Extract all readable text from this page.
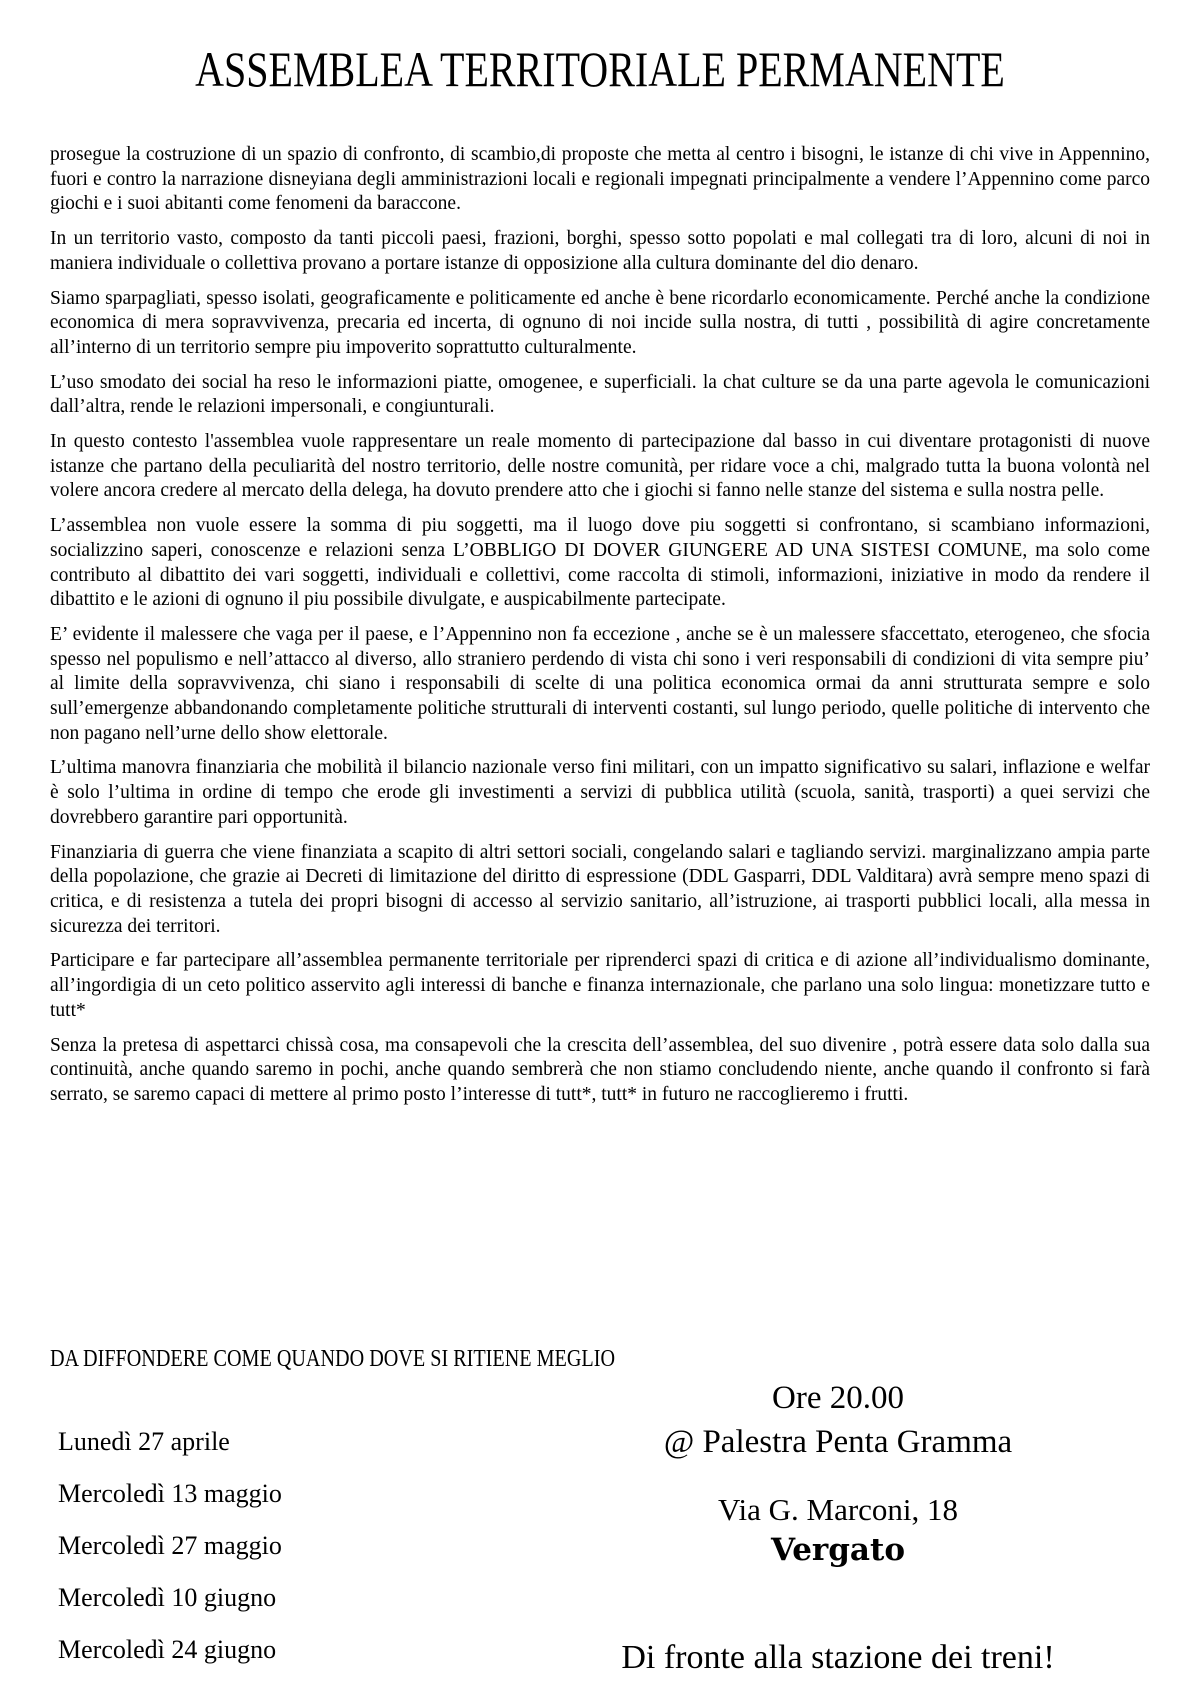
ASSEMBLEA TERRITORIALE PERMANENTE

prosegue la costruzione di un spazio di confronto, di scambio,di proposte che metta al centro i bisogni, le istanze di chi vive in Appennino, fuori e contro la narrazione disneyiana degli amministrazioni locali e regionali impegnati principalmente a vendere l’Appennino come parco giochi e i suoi abitanti come fenomeni da baraccone.

In un territorio vasto, composto da tanti piccoli paesi, frazioni, borghi, spesso sotto popolati e mal collegati tra di loro, alcuni di noi in maniera individuale o collettiva provano a portare istanze di opposizione alla cultura dominante del dio denaro.

Siamo sparpagliati, spesso isolati, geograficamente e politicamente ed anche è bene ricordarlo economicamente. Perché anche la condizione economica di mera sopravvivenza, precaria ed incerta, di ognuno di noi incide sulla nostra, di tutti , possibilità di agire concretamente all’interno di un territorio sempre piu impoverito soprattutto culturalmente.

L’uso smodato dei social ha reso le informazioni piatte, omogenee, e superficiali. la chat culture se da una parte agevola le comunicazioni dall’altra, rende le relazioni impersonali, e congiunturali.

In questo contesto l'assemblea vuole rappresentare un reale momento di partecipazione dal basso in cui diventare protagonisti di nuove istanze che partano della peculiarità del nostro territorio, delle nostre comunità, per ridare voce a chi, malgrado tutta la buona volontà nel volere ancora credere al mercato della delega, ha dovuto prendere atto che i giochi si fanno nelle stanze del sistema e sulla nostra pelle.

L’assemblea non vuole essere la somma di piu soggetti, ma il luogo dove piu soggetti si confrontano, si scambiano informazioni, socializzino saperi, conoscenze e relazioni senza L’OBBLIGO DI DOVER GIUNGERE AD UNA SISTESI COMUNE, ma solo come contributo al dibattito dei vari soggetti, individuali e collettivi, come raccolta di stimoli, informazioni, iniziative in modo da rendere il dibattito e le azioni di ognuno il piu possibile divulgate, e auspicabilmente partecipate.

E’ evidente il malessere che vaga per il paese, e l’Appennino non fa eccezione , anche se è un malessere sfaccettato, eterogeneo, che sfocia spesso nel populismo e nell’attacco al diverso, allo straniero perdendo di vista chi sono i veri responsabili di condizioni di vita sempre piu’ al limite della sopravvivenza, chi siano i responsabili di scelte di una politica economica ormai da anni strutturata sempre e solo sull’emergenze abbandonando completamente politiche strutturali di interventi costanti, sul lungo periodo, quelle politiche di intervento che non pagano nell’urne dello show elettorale.

L’ultima manovra finanziaria che mobilità il bilancio nazionale verso fini militari, con un impatto significativo su salari, inflazione e welfar è solo l’ultima in ordine di tempo che erode gli investimenti a servizi di pubblica utilità (scuola, sanità, trasporti) a quei servizi che dovrebbero garantire pari opportunità.

Finanziaria di guerra che viene finanziata a scapito di altri settori sociali, congelando salari e tagliando servizi. marginalizzano ampia parte della popolazione, che grazie ai Decreti di limitazione del diritto di espressione (DDL Gasparri, DDL Valditara) avrà sempre meno spazi di critica, e di resistenza a tutela dei propri bisogni di accesso al servizio sanitario, all’istruzione, ai trasporti pubblici locali, alla messa in sicurezza dei territori.

Participare e far partecipare all’assemblea permanente territoriale per riprenderci spazi di critica e di azione all’individualismo dominante, all’ingordigia di un ceto politico asservito agli interessi di banche e finanza internazionale, che parlano una solo lingua: monetizzare tutto e tutt*

Senza la pretesa di aspettarci chissà cosa, ma consapevoli che la crescita dell’assemblea, del suo divenire , potrà essere data solo dalla sua continuità, anche quando saremo in pochi, anche quando sembrerà che non stiamo concludendo niente, anche quando il confronto si farà serrato, se saremo capaci di mettere al primo posto l’interesse di tutt*, tutt* in futuro ne raccoglieremo i frutti.

DA DIFFONDERE COME QUANDO DOVE SI RITIENE MEGLIO
Lunedì 27 aprile
Mercoledì 13 maggio
Mercoledì 27 maggio
Mercoledì 10 giugno
Mercoledì 24 giugno
Ore 20.00
@ Palestra Penta Gramma
Via G. Marconi, 18
Vergato
Di fronte alla stazione dei treni!
